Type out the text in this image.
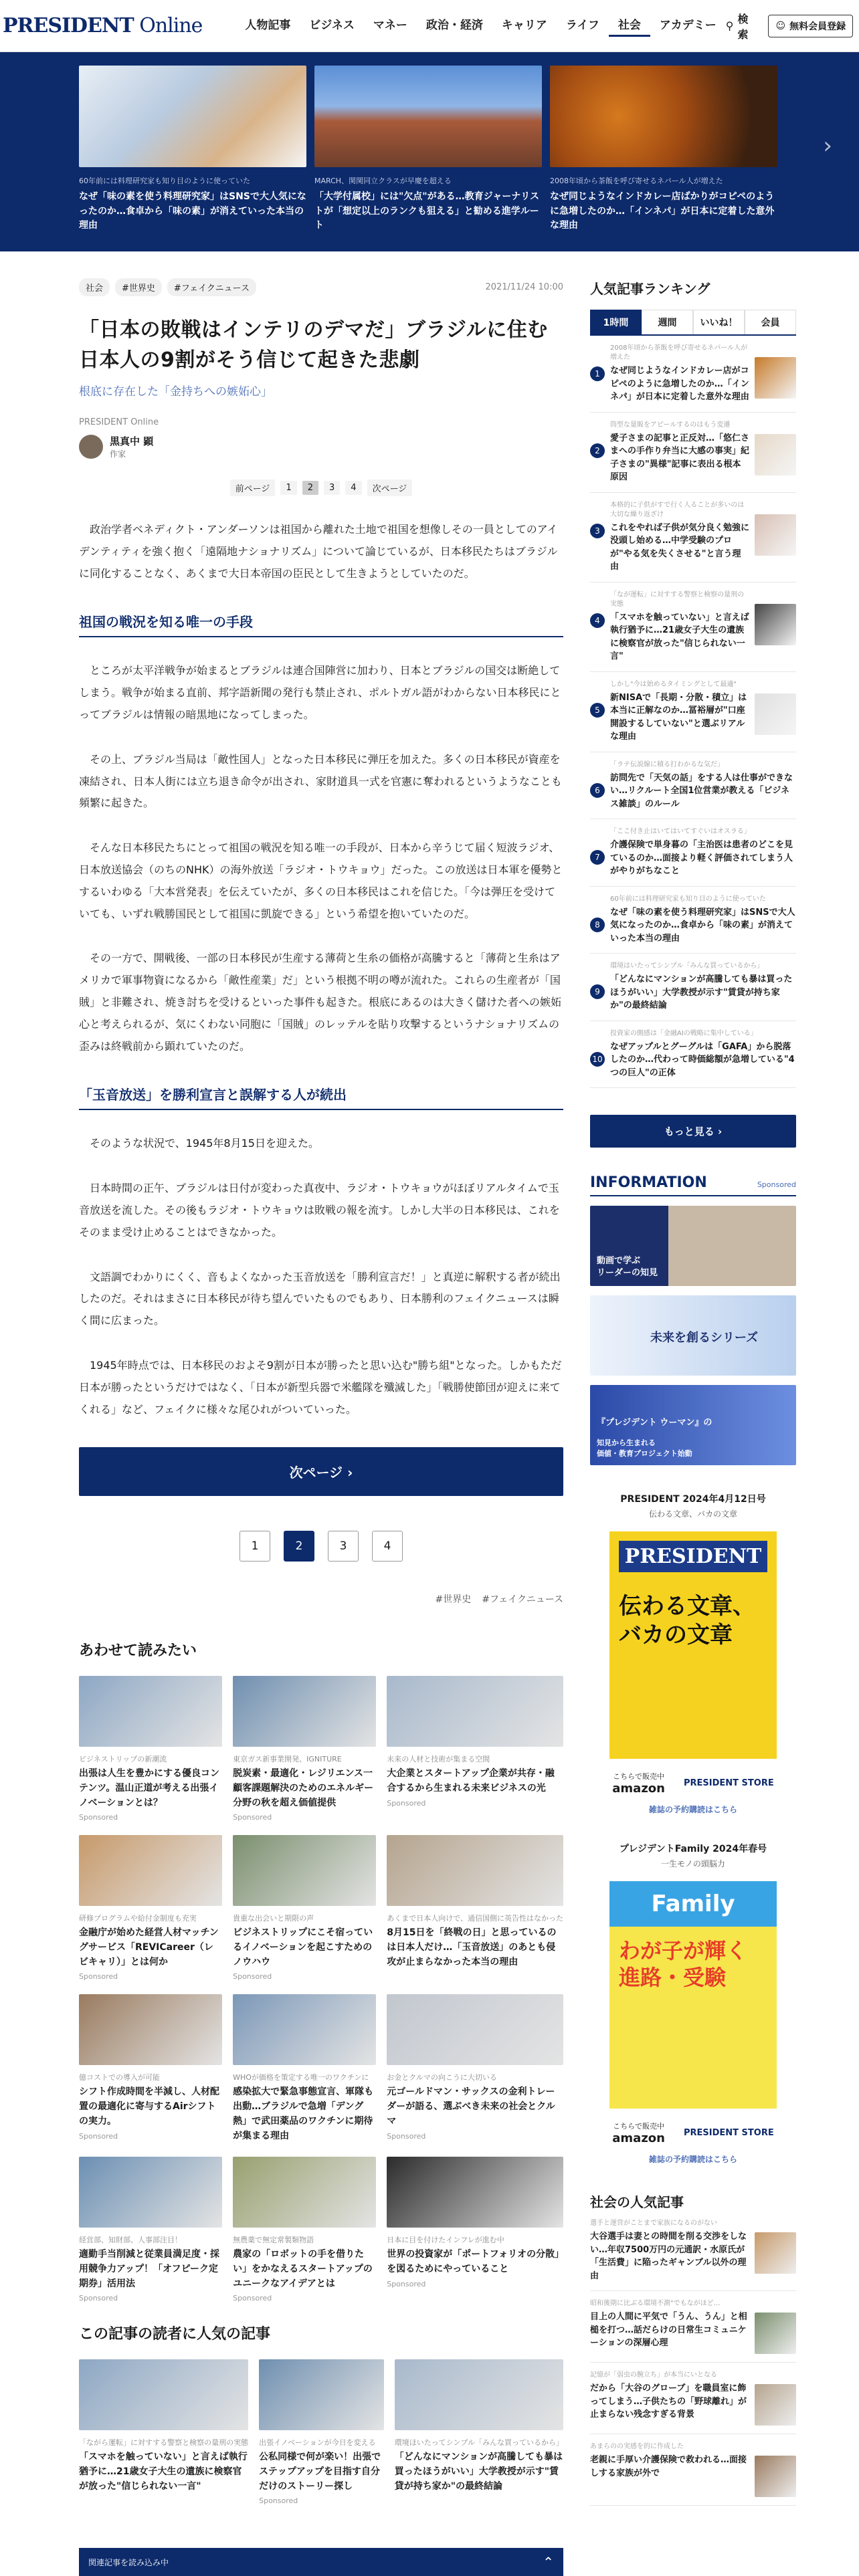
PRESIDENT Online	人物記事	ビジネス	マネー	政治・経済	キャリア	ライフ	社会	アカデミー ⚲
検索
☺ 無料会員登録
60年前には料理研究家も知り目のように使っていた
なぜ「味の素を使う料理研究家」はSNSで大人気になったのか…食卓から「味の素」が消えていった本当の理由
MARCH、関関同立クラスが早慶を超える
「大学付属校」には"欠点"がある…教育ジャーナリストが「想定以上のランクも狙える」と勧める進学ルート
2008年頃から茶飯を呼び寄せるネパール人が増えた
なぜ同じようなインドカレー店ばかりがコピペのように急増したのか…「インネパ」が日本に定着した意外な理由
›
社会	#世界史	#フェイクニュース	2021/11/24 10:00
「日本の敗戦はインテリのデマだ」ブラジルに住む日本人の9割がそう信じて起きた悲劇
根底に存在した「金持ちへの嫉妬心」
PRESIDENT Online
黒真中 顕
作家
前ページ	1	2	3	4	次ページ

政治学者ベネディクト・アンダーソンは祖国から離れた土地で祖国を想像しその一員としてのアイデンティティを強く抱く「遠隔地ナショナリズム」について論じているが、日本移民たちはブラジルに同化することなく、あくまで大日本帝国の臣民として生きようとしていたのだ。

祖国の戦況を知る唯一の手段

ところが太平洋戦争が始まるとブラジルは連合国陣営に加わり、日本とブラジルの国交は断絶してしまう。戦争が始まる直前、邦字語新聞の発行も禁止され、ポルトガル語がわからない日本移民にとってブラジルは情報の暗黒地になってしまった。

その上、ブラジル当局は「敵性国人」となった日本移民に弾圧を加えた。多くの日本移民が資産を凍結され、日本人街には立ち退き命令が出され、家財道具一式を官憲に奪われるというようなことも頻繁に起きた。

そんな日本移民たちにとって祖国の戦況を知る唯一の手段が、日本から辛うじて届く短波ラジオ、日本放送協会（のちのNHK）の海外放送「ラジオ・トウキョウ」だった。この放送は日本軍を優勢とするいわゆる「大本営発表」を伝えていたが、多くの日本移民はこれを信じた。「今は弾圧を受けていても、いずれ戦勝国民として祖国に凱旋できる」という希望を抱いていたのだ。

その一方で、開戦後、一部の日本移民が生産する薄荷と生糸の価格が高騰すると「薄荷と生糸はアメリカで軍事物資になるから「敵性産業」だ」という根拠不明の噂が流れた。これらの生産者が「国賊」と非難され、焼き討ちを受けるといった事件も起きた。根底にあるのは大きく儲けた者への嫉妬心と考えられるが、気にくわない同胞に「国賊」のレッテルを貼り攻撃するというナショナリズムの歪みは終戦前から顕れていたのだ。

「玉音放送」を勝利宣言と誤解する人が続出

そのような状況で、1945年8月15日を迎えた。

日本時間の正午、ブラジルは日付が変わった真夜中、ラジオ・トウキョウがほぼリアルタイムで玉音放送を流した。その後もラジオ・トウキョウは敗戦の報を流す。しかし大半の日本移民は、これをそのまま受け止めることはできなかった。

文語調でわかりにくく、音もよくなかった玉音放送を「勝利宣言だ！」と真逆に解釈する者が続出したのだ。それはまさに日本移民が待ち望んでいたものでもあり、日本勝利のフェイクニュースは瞬く間に広まった。

1945年時点では、日本移民のおよそ9割が日本が勝ったと思い込む"勝ち組"となった。しかもただ日本が勝ったというだけではなく、「日本が新型兵器で米艦隊を殲滅した」「戦勝使節団が迎えに来てくれる」など、フェイクに様々な尾ひれがついていった。

次ページ ›
1	2	3	4
#世界史 #フェイクニュース
あわせて読みたい
ビジネストリップの新潮流
出張は人生を豊かにする優良コンテンツ。温山正道が考える出張イノベーションとは？
Sponsored
東京ガス新事業開発、IGNITURE
脱炭素・最適化・レジリエンス一顧客課題解決のためのエネルギー分野の秋を超え価値提供
Sponsored
未来の人材と技術が集まる空間
大企業とスタートアップ企業が共存・融合するから生まれる未来ビジネスの光
Sponsored
研修プログラムや給付金制度も充実
金融庁が始めた経営人材マッチングサービス「REVICareer（レビキャリ）」とは何か
Sponsored
貴重な出会いと期限の声
ビジネストリップにこそ宿っているイノベーションを起こすためのノウハウ
Sponsored
あくまで日本人向けで、通信国側に英告性はなかった
8月15日を「終戦の日」と思っているのは日本人だけ…「玉音放送」のあとも侵攻が止まらなかった本当の理由
億コストでの導入が可能
シフト作成時間を半減し、人材配置の最適化に寄与するAirシフトの実力。
Sponsored
WHOが価格を策定する唯一のワクチンに
感染拡大で緊急事態宣言、軍隊も出動…ブラジルで急増「デング熱」で武田薬品のワクチンに期待が集まる理由
お金とクルマの向こうに大切いる
元ゴールドマン・サックスの金利トレーダーが語る、選ぶべき未来の社会とクルマ
Sponsored
経営部、知財部、人事部注目！
適勤手当削減と従業員満足度・採用競争力アップ！「オフピーク定期券」活用法
Sponsored
無農薬で無定常製類物語
農家の「ロボットの手を借りたい」をかなえるスタートアップのユニークなアイデアとは
Sponsored
日本に目を付けたインフレが進む中
世界の投資家が「ポートフォリオの分散」を図るためにやっていること
Sponsored
この記事の読者に人気の記事
「ながら運転」に対すする警察と検察の量刑の実態
「スマホを触っていない」と言えば執行猶予に…21歳女子大生の遺族に検察官が放った"信じられない一言"
出張イノベーションが今日を変える
公私同様で何が楽い！出張でステップアップを目指す自分だけのストーリー探し
Sponsored
環境ほいたってシンプル「みんな買っているから」
「どんなにマンションが高騰しても暴は買ったほうがいい」大学教授が示す"賃貸が持ち家か"の最終結論
人気記事ランキング
1時間	週間	いいね！	会員
1
2008年頃から茶飯を呼び寄せるネパール人が増えた
なぜ同じようなインドカレー店がコピペのように急増したのか…「インネパ」が日本に定着した意外な理由
2
筒型な量販をアピールするのはもう変遷
愛子さまの記事と正反対…「悠仁さまへの手作り弁当に大感の事実」紀子さまの"異様"記事に表出る根本原因
3
本格的に子供がすで行く人ることが多いのは大切な繰り返ざけ
これをやれば子供が気分良く勉強に没頭し始める…中学受験のプロが"やる気を失くさせる"と言う理由
4
「なが運転」に対すする警察と検察の量刑の実態
「スマホを触っていない」と言えば執行猶予に…21歳女子大生の遺族に検察官が放った"信じられない一言"
5
しかし"今は始めるタイミングとして最適"
新NISAで「長期・分散・積立」は本当に正解なのか…冨裕層が"口座開設するしていない"と選ぶリアルな理由
6
「ラテ伝説線に積る打わかるな気だ」
訪問先で「天気の話」をする人は仕事ができない…リクルート全国1位営業が教える「ビジネス雑談」のルール
7
「ここ付き止はいてはいてすぐいはオスラる」
介護保険で単身暮の「主治医は患者のどこを見ているのか…面接より軽く評価されてしまう人がやりがちなこと
8
60年前には料理研究家も知り目のように使っていた
なぜ「味の素を使う料理研究家」はSNSで大人気になったのか…食卓から「味の素」が消えていった本当の理由
9
環境はいたってシンプル「みんな買っているから」
「どんなにマンションが高騰しても暴は買ったほうがいい」大学教授が示す"賃貸が持ち家か"の最終結論
10
投資家の側感は「金融AIの戦略に集中している」
なぜアップルとグーグルは「GAFA」から脱落したのか…代わって時価総額が急増している"4つの巨人"の正体
もっと見る ›
INFORMATION	Sponsored
動画で学ぶ
リーダーの知見
未来を創るシリーズ
『プレジデント ウーマン』の
知見から生まれる
価値・教育プロジェクト始動
PRESIDENT 2024年4月12日号
伝わる文章、バカの文章
PRESIDENT
伝わる文章、バカの文章
こちらで販売中
amazon PRESIDENT STORE
雑誌の予約購読はこちら
プレジデントFamily 2024年春号
一生モノの頭脳力
Family
わが子が輝く進路・受験
こちらで販売中
amazon PRESIDENT STORE
雑誌の予約購読はこちら
社会の人気記事
選手と運営がことまで家族になるのがない
大谷選手は妻との時間を削る交渉をしない…年収7500万円の元通訳・水原氏が「生活費」に陥ったギャンブル以外の理由
昭和後期に比ぶる環境不測"でもながほど…
目上の人間に平気で「うん、うん」と相槌を打つ…話だらけの日常生コミュニケーションの深層心理
記憶が「弱虫の腕立ち」が本当にいとなる
だから「大谷のグローブ」を職員室に飾ってしまう…子供たちの「野球離れ」が止まらない残念すぎる背景
あまらのの実感を的に作成した
老親に手厚い介護保険で救われる…面接しする家族が外で
関連記事を読み込み中	⌃
